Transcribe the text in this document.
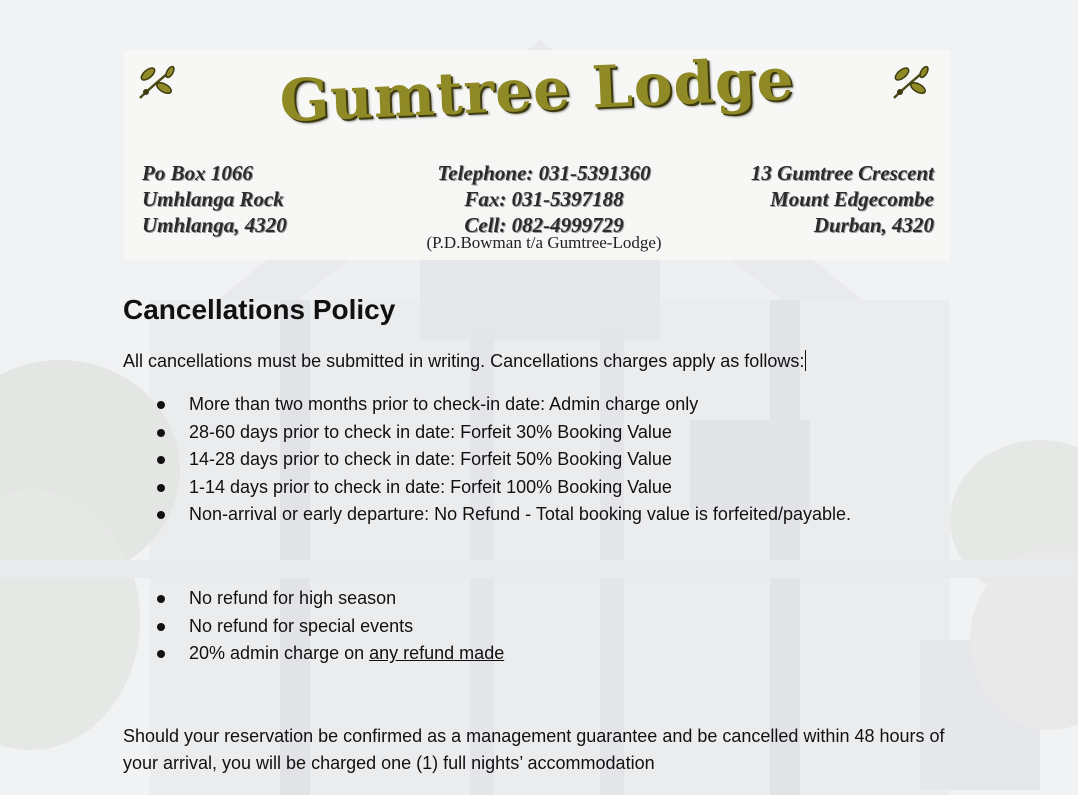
Gumtree Lodge
Po Box 1066
Umhlanga Rock
Umhlanga, 4320
Telephone: 031-5391360
Fax: 031-5397188
Cell: 082-4999729
(P.D.Bowman t/a Gumtree-Lodge)
13 Gumtree Crescent
Mount Edgecombe
Durban, 4320
Cancellations Policy
All cancellations must be submitted in writing. Cancellations charges apply as follows:
More than two months prior to check-in date: Admin charge only
28-60 days prior to check in date: Forfeit 30% Booking Value
14-28 days prior to check in date: Forfeit 50% Booking Value
1-14 days prior to check in date: Forfeit 100% Booking Value
Non-arrival or early departure: No Refund - Total booking value is forfeited/payable.
No refund for high season
No refund for special events
20% admin charge on any refund made
Should your reservation be confirmed as a management guarantee and be cancelled within 48 hours of your arrival, you will be charged one (1) full nights’ accommodation
